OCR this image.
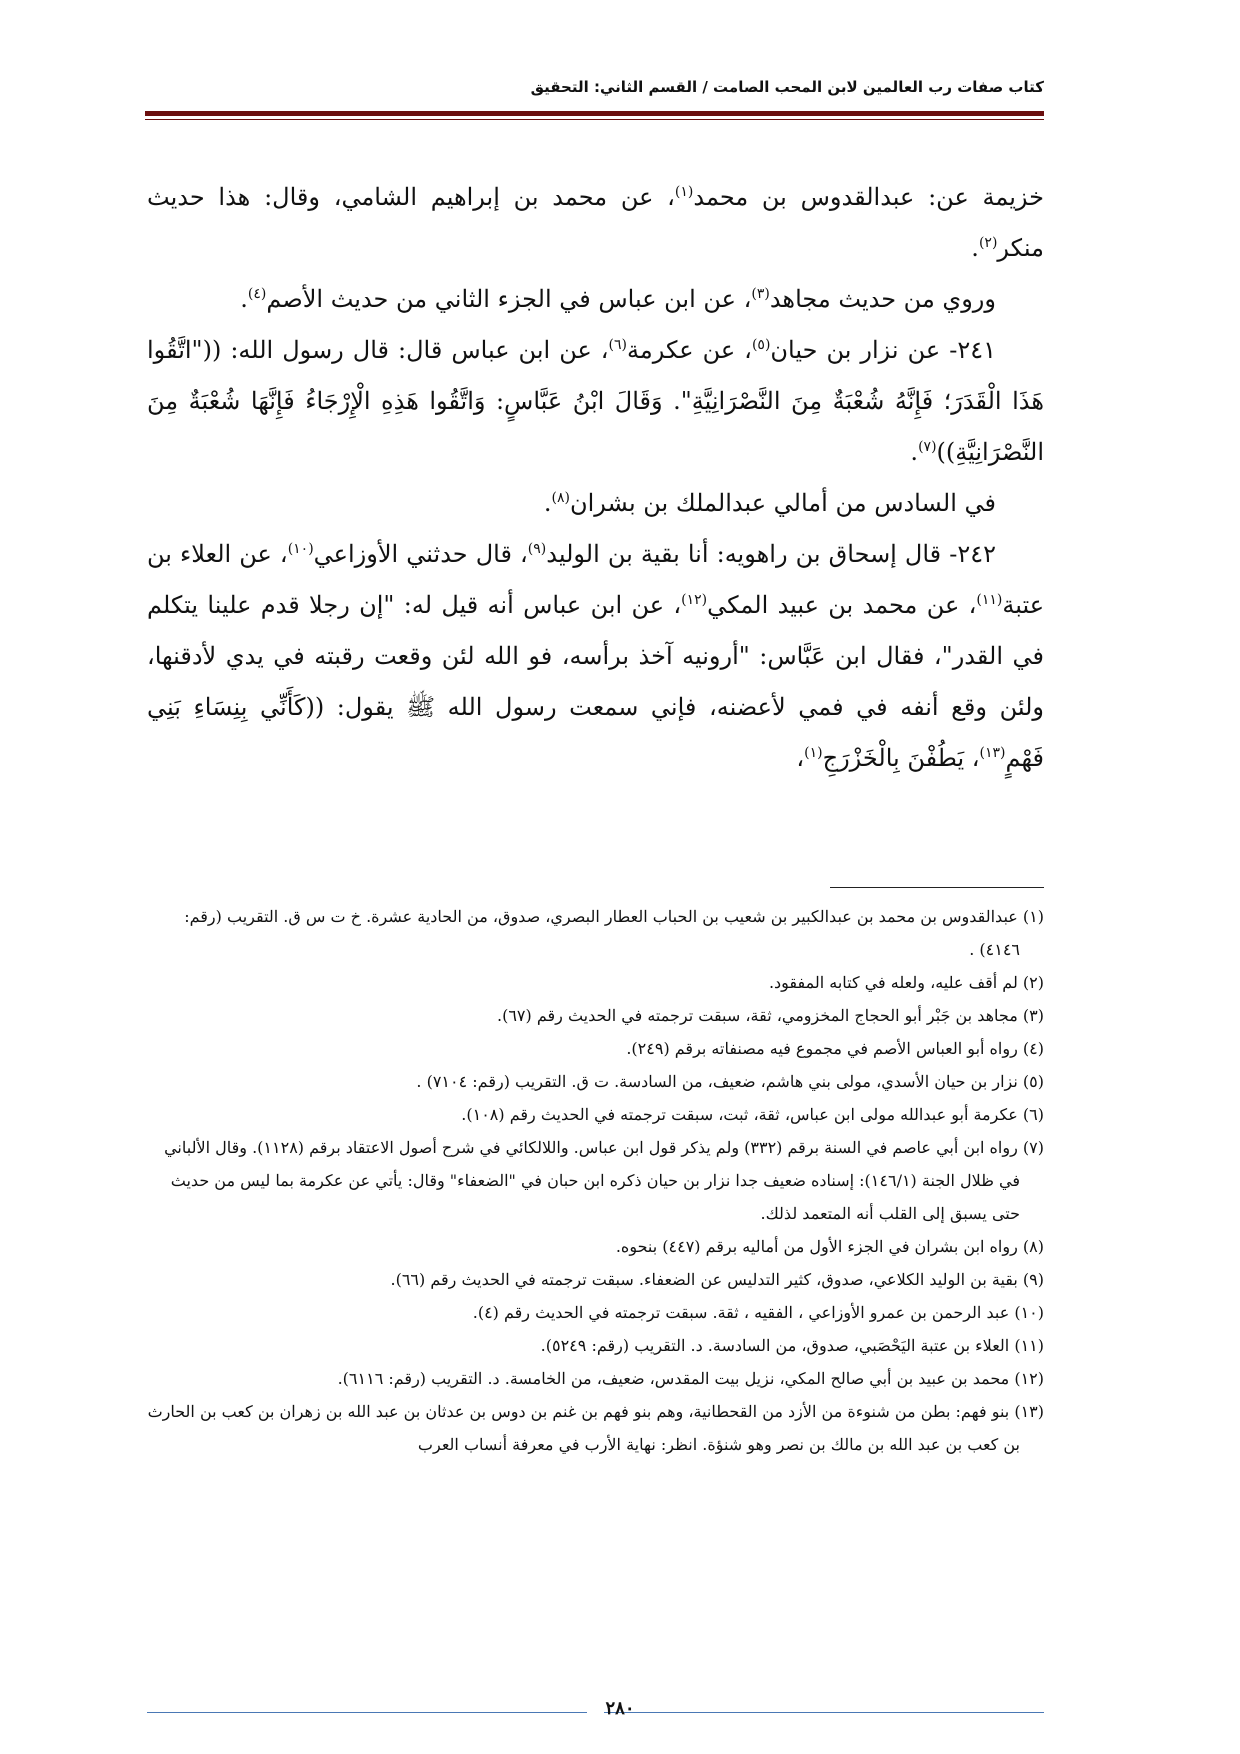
كتاب صفات رب العالمين لابن المحب الصامت / القسم الثاني: التحقيق

خزيمة عن: عبدالقدوس بن محمد$^{(١)}$، عن محمد بن إبراهيم الشامي، وقال: هذا حديث منكر$^{(٢)}$.

وروي من حديث مجاهد$^{(٣)}$، عن ابن عباس في الجزء الثاني من حديث الأصم$^{(٤)}$.

٢٤١- عن نزار بن حيان$^{(٥)}$، عن عكرمة$^{(٦)}$، عن ابن عباس قال: قال رسول الله: (("اتَّقُوا هَذَا الْقَدَرَ؛ فَإِنَّهُ شُعْبَةٌ مِنَ النَّصْرَانِيَّةِ". وَقَالَ ابْنُ عَبَّاسٍ: وَاتَّقُوا هَذِهِ الْإِرْجَاءُ فَإِنَّهَا شُعْبَةٌ مِنَ النَّصْرَانِيَّةِ))$^{(٧)}$.

في السادس من أمالي عبدالملك بن بشران$^{(٨)}$.

٢٤٢- قال إسحاق بن راهويه: أنا بقية بن الوليد$^{(٩)}$، قال حدثني الأوزاعي$^{(١٠)}$، عن العلاء بن عتبة$^{(١١)}$، عن محمد بن عبيد المكي$^{(١٢)}$، عن ابن عباس أنه قيل له: "إن رجلا قدم علينا يتكلم في القدر"، فقال ابن عَبَّاس: "أرونيه آخذ برأسه، فو الله لئن وقعت رقبته في يدي لأدقنها، ولئن وقع أنفه في فمي لأعضنه، فإني سمعت رسول الله ﷺ يقول: ((كَأَنِّي بِنِسَاءِ بَنِي فَهْمٍ$^{(١٣)}$، يَطُفْنَ بِالْخَزْرَجِ$^{(١)}$،

(١) عبدالقدوس بن محمد بن عبدالكبير بن شعيب بن الحباب العطار البصري، صدوق، من الحادية عشرة. خ ت س ق. التقريب (رقم: ٤١٤٦) .

(٢) لم أقف عليه، ولعله في كتابه المفقود.

(٣) مجاهد بن جَبْر أبو الحجاج المخزومي، ثقة، سبقت ترجمته في الحديث رقم (٦٧).

(٤) رواه أبو العباس الأصم في مجموع فيه مصنفاته برقم (٢٤٩).

(٥) نزار بن حيان الأسدي، مولى بني هاشم، ضعيف، من السادسة. ت ق. التقريب (رقم: ٧١٠٤) .

(٦) عكرمة أبو عبدالله مولى ابن عباس، ثقة، ثبت، سبقت ترجمته في الحديث رقم (١٠٨).

(٧) رواه ابن أبي عاصم في السنة برقم (٣٣٢) ولم يذكر قول ابن عباس. واللالكائي في شرح أصول الاعتقاد برقم (١١٢٨). وقال الألباني في ظلال الجنة (١٤٦/١): إسناده ضعيف جدا نزار بن حيان ذكره ابن حبان في "الضعفاء" وقال: يأتي عن عكرمة بما ليس من حديث حتى يسبق إلى القلب أنه المتعمد لذلك.

(٨) رواه ابن بشران في الجزء الأول من أماليه برقم (٤٤٧) بنحوه.

(٩) بقية بن الوليد الكلاعي، صدوق، كثير التدليس عن الضعفاء. سبقت ترجمته في الحديث رقم (٦٦).

(١٠) عبد الرحمن بن عمرو الأوزاعي ، الفقيه ، ثقة. سبقت ترجمته في الحديث رقم (٤).

(١١) العلاء بن عتبة اليَحْصَبي، صدوق، من السادسة. د. التقريب (رقم: ٥٢٤٩).

(١٢) محمد بن عبيد بن أبي صالح المكي، نزيل بيت المقدس، ضعيف، من الخامسة. د. التقريب (رقم: ٦١١٦).

(١٣) بنو فهم: بطن من شنوءة من الأزد من القحطانية، وهم بنو فهم بن غنم بن دوس بن عدثان بن عبد الله بن زهران بن كعب بن الحارث بن كعب بن عبد الله بن مالك بن نصر وهو شنؤة. انظر: نهاية الأرب في معرفة أنساب العرب

٢٨٠
